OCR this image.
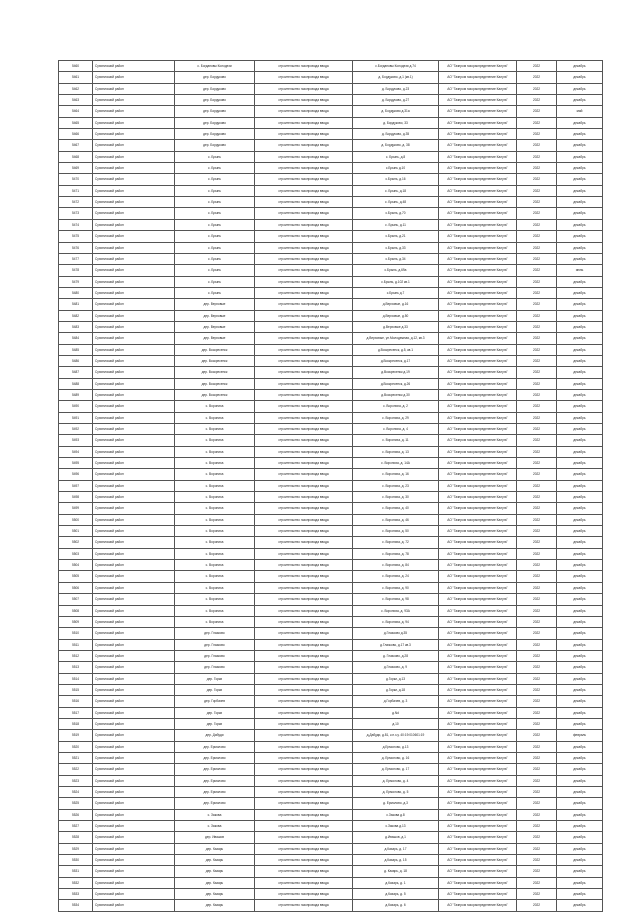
5460	Сухиничский район	с. Богдановы Колодези	строительство газопровода ввода	с.Богдановы Колодези д.74	АО "Газпром газораспределение Калуга"	2022	декабрь
5461	Сухиничский район	дер. Бордуково	строительство газопровода ввода	д. Бордуково, д.1 (кв.1)	АО "Газпром газораспределение Калуга"	2022	декабрь
5462	Сухиничский район	дер. Бордуково	строительство газопровода ввода	д. Бордуково, д.23	АО "Газпром газораспределение Калуга"	2022	декабрь
5463	Сухиничский район	дер. Бордуково	строительство газопровода ввода	д. Бордуково, д.27	АО "Газпром газораспределение Калуга"	2022	декабрь
5464	Сухиничский район	дер. Бордуково	строительство газопровода ввода	д. Бордуково д.31а	АО "Газпром газораспределение Калуга"	2022	май
5465	Сухиничский район	дер. Бордуково	строительство газопровода ввода	д. Бордуково, 33	АО "Газпром газораспределение Калуга"	2022	декабрь
5466	Сухиничский район	дер. Бордуково	строительство газопровода ввода	д. Бордуково, д.35	АО "Газпром газораспределение Калуга"	2022	декабрь
5467	Сухиничский район	дер. Бордуково	строительство газопровода ввода	д. Бордуково, д. 38	АО "Газпром газораспределение Калуга"	2022	декабрь
5468	Сухиничский район	с. Брынь	строительство газопровода ввода	с. Брынь, д.8	АО "Газпром газораспределение Калуга"	2022	декабрь
5469	Сухиничский район	с. Брынь	строительство газопровода ввода	с.Брынь д.10	АО "Газпром газораспределение Калуга"	2022	декабрь
5470	Сухиничский район	с. Брынь	строительство газопровода ввода	с.Брынь, д.16	АО "Газпром газораспределение Калуга"	2022	декабрь
5471	Сухиничский район	с. Брынь	строительство газопровода ввода	с. Брынь, д.18	АО "Газпром газораспределение Калуга"	2022	декабрь
5472	Сухиничский район	с. Брынь	строительство газопровода ввода	с. Брынь, д.48	АО "Газпром газораспределение Калуга"	2022	декабрь
5473	Сухиничский район	с. Брынь	строительство газопровода ввода	с.Брынь, д.70	АО "Газпром газораспределение Калуга"	2022	декабрь
5474	Сухиничский район	с. Брынь	строительство газопровода ввода	с. Брынь, д.11	АО "Газпром газораспределение Калуга"	2022	декабрь
5475	Сухиничский район	с. Брынь	строительство газопровода ввода	с.Брынь, д.21	АО "Газпром газораспределение Калуга"	2022	декабрь
5476	Сухиничский район	с. Брынь	строительство газопровода ввода	с.Брынь, д.33	АО "Газпром газораспределение Калуга"	2022	декабрь
5477	Сухиничский район	с. Брынь	строительство газопровода ввода	с.Брынь, д.34	АО "Газпром газораспределение Калуга"	2022	декабрь
5478	Сухиничский район	с. Брынь	строительство газопровода ввода	с.Брынь, д.69а	АО "Газпром газораспределение Калуга"	2022	июнь
5479	Сухиничский район	с. Брынь	строительство газопровода ввода	с.Брынь, д.102 кв.1	АО "Газпром газораспределение Калуга"	2022	декабрь
5480	Сухиничский район	с. Брынь	строительство газопровода ввода	с.Брынь д.7	АО "Газпром газораспределение Калуга"	2022	декабрь
5481	Сухиничский район	дер. Верховые	строительство газопровода ввода	д.Верховые, д.16	АО "Газпром газораспределение Калуга"	2022	декабрь
5482	Сухиничский район	дер. Верховые	строительство газопровода ввода	д.Верховые, д.50	АО "Газпром газораспределение Калуга"	2022	декабрь
5483	Сухиничский район	дер. Верховые	строительство газопровода ввода	д.Верховые д.33	АО "Газпром газораспределение Калуга"	2022	декабрь
5484	Сухиничский район	дер. Верховые	строительство газопровода ввода	д.Верховые, ул.Молодежная, д.12, кв.3	АО "Газпром газораспределение Калуга"	2022	декабрь
5485	Сухиничский район	дер. Воскресенск	строительство газопровода ввода	д.Воскресенск, д.5, кв.1	АО "Газпром газораспределение Калуга"	2022	декабрь
5486	Сухиничский район	дер. Воскресенск	строительство газопровода ввода	д.Воскресенск, д.17	АО "Газпром газораспределение Калуга"	2022	декабрь
5487	Сухиничский район	дер. Воскресенск	строительство газопровода ввода	д.Воскресенск д.19	АО "Газпром газораспределение Калуга"	2022	декабрь
5488	Сухиничский район	дер. Воскресенск	строительство газопровода ввода	д.Воскресенск, д.26	АО "Газпром газораспределение Калуга"	2022	декабрь
5489	Сухиничский район	дер. Воскресенск	строительство газопровода ввода	д.Воскресенск д.30	АО "Газпром газораспределение Калуга"	2022	декабрь
5490	Сухиничский район	с. Ворониха	строительство газопровода ввода	с. Ворониха, д. 2	АО "Газпром газораспределение Калуга"	2022	декабрь
5491	Сухиничский район	с. Ворониха	строительство газопровода ввода	с. Ворониха, д. 29	АО "Газпром газораспределение Калуга"	2022	декабрь
5492	Сухиничский район	с. Ворониха	строительство газопровода ввода	с. Ворониха, д. 4	АО "Газпром газораспределение Калуга"	2022	декабрь
5493	Сухиничский район	с. Ворониха	строительство газопровода ввода	с. Ворониха, д. 11	АО "Газпром газораспределение Калуга"	2022	декабрь
5494	Сухиничский район	с. Ворониха	строительство газопровода ввода	с. Ворониха, д. 13	АО "Газпром газораспределение Калуга"	2022	декабрь
5495	Сухиничский район	с. Ворониха	строительство газопровода ввода	с. Ворониха, д. 14А	АО "Газпром газораспределение Калуга"	2022	декабрь
5496	Сухиничский район	с. Ворониха	строительство газопровода ввода	с. Ворониха, д. 16	АО "Газпром газораспределение Калуга"	2022	декабрь
5497	Сухиничский район	с. Ворониха	строительство газопровода ввода	с. Ворониха, д. 23	АО "Газпром газораспределение Калуга"	2022	декабрь
5498	Сухиничский район	с. Ворониха	строительство газопровода ввода	с. Ворониха, д. 30	АО "Газпром газораспределение Калуга"	2022	декабрь
5499	Сухиничский район	с. Ворониха	строительство газопровода ввода	с. Ворониха, д. 40	АО "Газпром газораспределение Калуга"	2022	декабрь
5500	Сухиничский район	с. Ворониха	строительство газопровода ввода	с. Ворониха, д. 46	АО "Газпром газораспределение Калуга"	2022	декабрь
5501	Сухиничский район	с. Ворониха	строительство газопровода ввода	с. Ворониха, д. 50	АО "Газпром газораспределение Калуга"	2022	декабрь
5502	Сухиничский район	с. Ворониха	строительство газопровода ввода	с. Ворониха, д. 72	АО "Газпром газораспределение Калуга"	2022	декабрь
5503	Сухиничский район	с. Ворониха	строительство газопровода ввода	с. Ворониха, д. 78	АО "Газпром газораспределение Калуга"	2022	декабрь
5504	Сухиничский район	с. Ворониха	строительство газопровода ввода	с. Ворониха, д. 84	АО "Газпром газораспределение Калуга"	2022	декабрь
5505	Сухиничский район	с. Ворониха	строительство газопровода ввода	с. Ворониха, д. 24	АО "Газпром газораспределение Калуга"	2022	декабрь
5506	Сухиничский район	с. Ворониха	строительство газопровода ввода	с. Ворониха, д. 90	АО "Газпром газораспределение Калуга"	2022	декабрь
5507	Сухиничский район	с. Ворониха	строительство газопровода ввода	с. Ворониха, д. 98	АО "Газпром газораспределение Калуга"	2022	декабрь
5508	Сухиничский район	с. Ворониха	строительство газопровода ввода	с. Ворониха, д. 93А	АО "Газпром газораспределение Калуга"	2022	декабрь
5509	Сухиничский район	с. Ворониха	строительство газопровода ввода	с. Ворониха, д. 94	АО "Газпром газораспределение Калуга"	2022	декабрь
5510	Сухиничский район	дер. Глазково	строительство газопровода ввода	д.Глазково д.35	АО "Газпром газораспределение Калуга"	2022	декабрь
5511	Сухиничский район	дер. Глазково	строительство газопровода ввода	д.Глазково, д.17 кв.3	АО "Газпром газораспределение Калуга"	2022	декабрь
5512	Сухиничский район	дер. Глазково	строительство газопровода ввода	д. Глазково, д.28	АО "Газпром газораспределение Калуга"	2022	декабрь
5513	Сухиничский район	дер. Глазково	строительство газопровода ввода	д.Глазково, д. 9	АО "Газпром газораспределение Калуга"	2022	декабрь
5514	Сухиничский район	дер. Горки	строительство газопровода ввода	д.Горки, д.13	АО "Газпром газораспределение Калуга"	2022	декабрь
5515	Сухиничский район	дер. Горки	строительство газопровода ввода	д.Горки, д.18	АО "Газпром газораспределение Калуга"	2022	декабрь
5516	Сухиничский район	дер. Горбачев	строительство газопровода ввода	д.Горбачев, д. 3	АО "Газпром газораспределение Калуга"	2022	декабрь
5517	Сухиничский район	дер. Горки	строительство газопровода ввода	д.Nd	АО "Газпром газораспределение Калуга"	2022	декабрь
5518	Сухиничский район	дер. Горки	строительство газопровода ввода	д.10	АО "Газпром газораспределение Калуга"	2022	декабрь
5519	Сухиничский район	дер. Дабуди	строительство газопровода ввода	д.Дабуди, д.81, к.н.з.у. 40:19:010601:19	АО "Газпром газораспределение Калуга"	2022	февраль
5520	Сухиничский район	дер. Ермолово	строительство газопровода ввода	д.Ермолово, д.13	АО "Газпром газораспределение Калуга"	2022	декабрь
5521	Сухиничский район	дер. Ермолово	строительство газопровода ввода	д. Ермолово, д. 16	АО "Газпром газораспределение Калуга"	2022	декабрь
5522	Сухиничский район	дер. Ермолово	строительство газопровода ввода	д. Ермолово, д. 17	АО "Газпром газораспределение Калуга"	2022	декабрь
5523	Сухиничский район	дер. Ермолово	строительство газопровода ввода	д. Ермолово, д. 4	АО "Газпром газораспределение Калуга"	2022	декабрь
5524	Сухиничский район	дер. Ермолово	строительство газопровода ввода	д. Ермолово, д. 5	АО "Газпром газораспределение Калуга"	2022	декабрь
5525	Сухиничский район	дер. Ермолово	строительство газопровода ввода	д. Ермолово, д.3	АО "Газпром газораспределение Калуга"	2022	декабрь
5526	Сухиничский район	с. Закова	строительство газопровода ввода	с.Закова д.8	АО "Газпром газораспределение Калуга"	2022	декабрь
5527	Сухиничский район	с. Закова	строительство газопровода ввода	с.Закова д.13	АО "Газпром газораспределение Калуга"	2022	декабрь
5528	Сухиничский район	дер. Ивашов	строительство газопровода ввода	д.Ивашов, д.1	АО "Газпром газораспределение Калуга"	2022	декабрь
5529	Сухиничский район	дер. Казарь	строительство газопровода ввода	д.Казарь, д. 17	АО "Газпром газораспределение Калуга"	2022	декабрь
5530	Сухиничский район	дер. Казарь	строительство газопровода ввода	д.Казарь, д. 15	АО "Газпром газораспределение Калуга"	2022	декабрь
5531	Сухиничский район	дер. Казарь	строительство газопровода ввода	д. Казарь, д. 18	АО "Газпром газораспределение Калуга"	2022	декабрь
5532	Сухиничский район	дер. Казарь	строительство газопровода ввода	д.Казарь, д. 1	АО "Газпром газораспределение Калуга"	2022	декабрь
5533	Сухиничский район	дер. Казарь	строительство газопровода ввода	д.Казарь, д. 5	АО "Газпром газораспределение Калуга"	2022	декабрь
5534	Сухиничский район	дер. Казарь	строительство газопровода ввода	д.Казарь, д. 6	АО "Газпром газораспределение Калуга"	2022	декабрь
